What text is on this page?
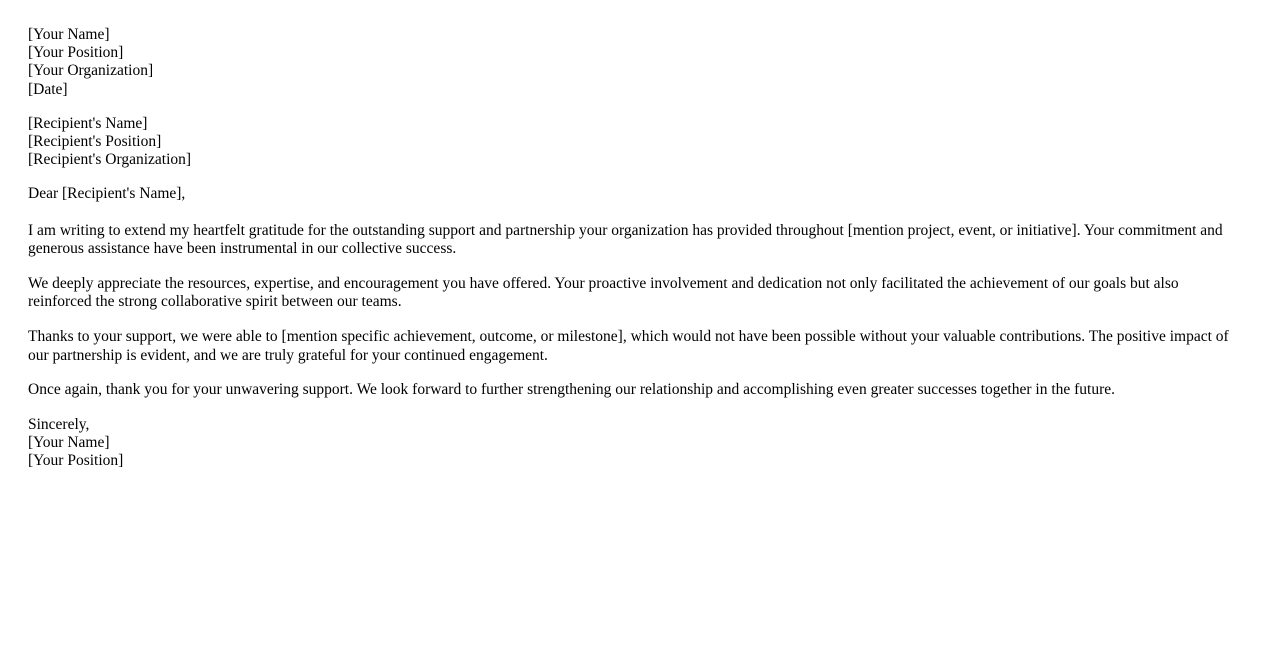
[Your Name]
[Your Position]
[Your Organization]
[Date]
[Recipient's Name]
[Recipient's Position]
[Recipient's Organization]
Dear [Recipient's Name],

I am writing to extend my heartfelt gratitude for the outstanding support and partnership your organization has provided throughout [mention project, event, or initiative]. Your commitment and generous assistance have been instrumental in our collective success.

We deeply appreciate the resources, expertise, and encouragement you have offered. Your proactive involvement and dedication not only facilitated the achievement of our goals but also reinforced the strong collaborative spirit between our teams.

Thanks to your support, we were able to [mention specific achievement, outcome, or milestone], which would not have been possible without your valuable contributions. The positive impact of our partnership is evident, and we are truly grateful for your continued engagement.

Once again, thank you for your unwavering support. We look forward to further strengthening our relationship and accomplishing even greater successes together in the future.

Sincerely,
[Your Name]
[Your Position]
